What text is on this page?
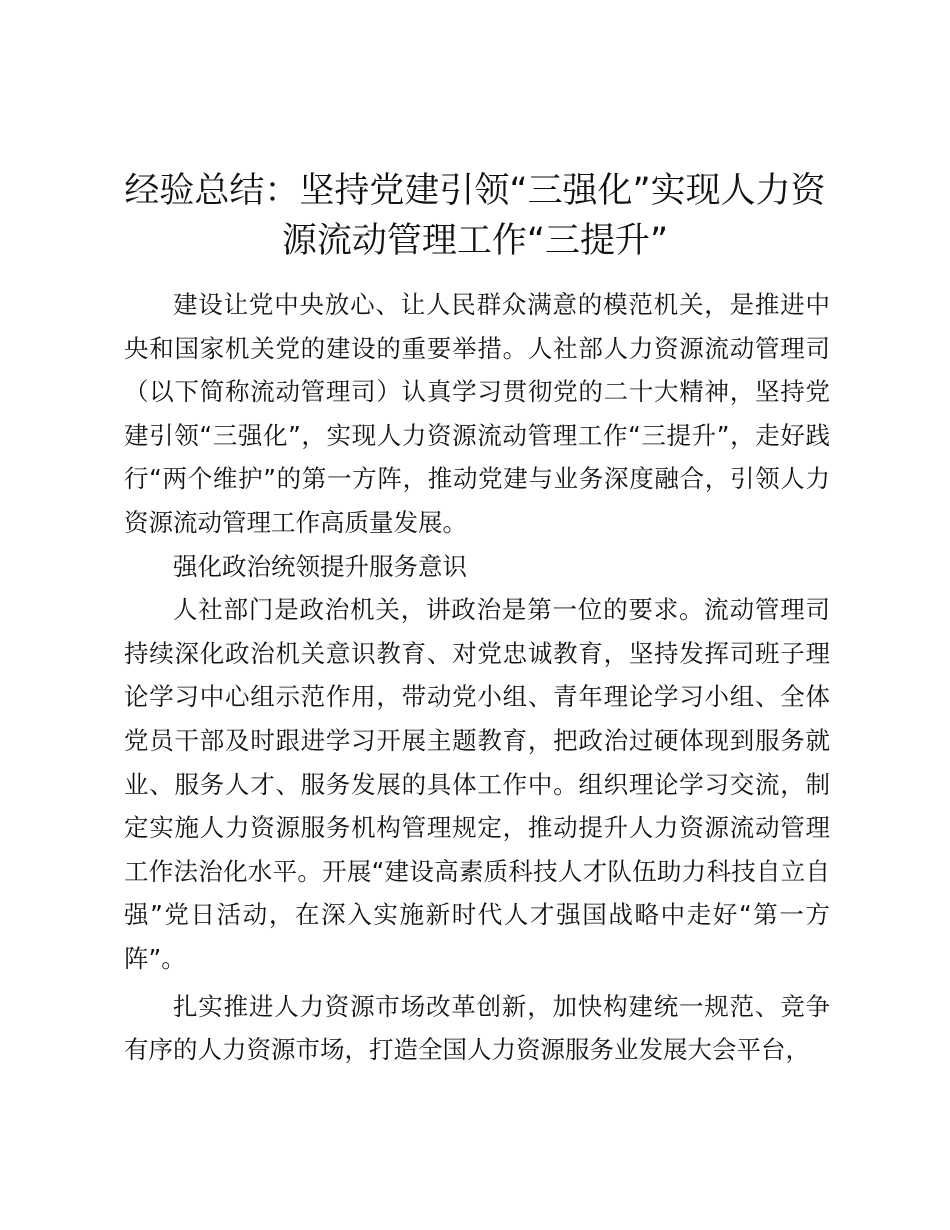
经验总结：坚持党建引领“三强化”实现人力资源流动管理工作“三提升”

建设让党中央放心、让人民群众满意的模范机关，是推进中央和国家机关党的建设的重要举措。人社部人力资源流动管理司（以下简称流动管理司）认真学习贯彻党的二十大精神，坚持党建引领“三强化”，实现人力资源流动管理工作“三提升”，走好践行“两个维护”的第一方阵，推动党建与业务深度融合，引领人力资源流动管理工作高质量发展。

强化政治统领提升服务意识

人社部门是政治机关，讲政治是第一位的要求。流动管理司持续深化政治机关意识教育、对党忠诚教育，坚持发挥司班子理论学习中心组示范作用，带动党小组、青年理论学习小组、全体党员干部及时跟进学习开展主题教育，把政治过硬体现到服务就业、服务人才、服务发展的具体工作中。组织理论学习交流，制定实施人力资源服务机构管理规定，推动提升人力资源流动管理工作法治化水平。开展“建设高素质科技人才队伍助力科技自立自强”党日活动，在深入实施新时代人才强国战略中走好“第一方阵”。

扎实推进人力资源市场改革创新，加快构建统一规范、竞争有序的人力资源市场，打造全国人力资源服务业发展大会平台，
